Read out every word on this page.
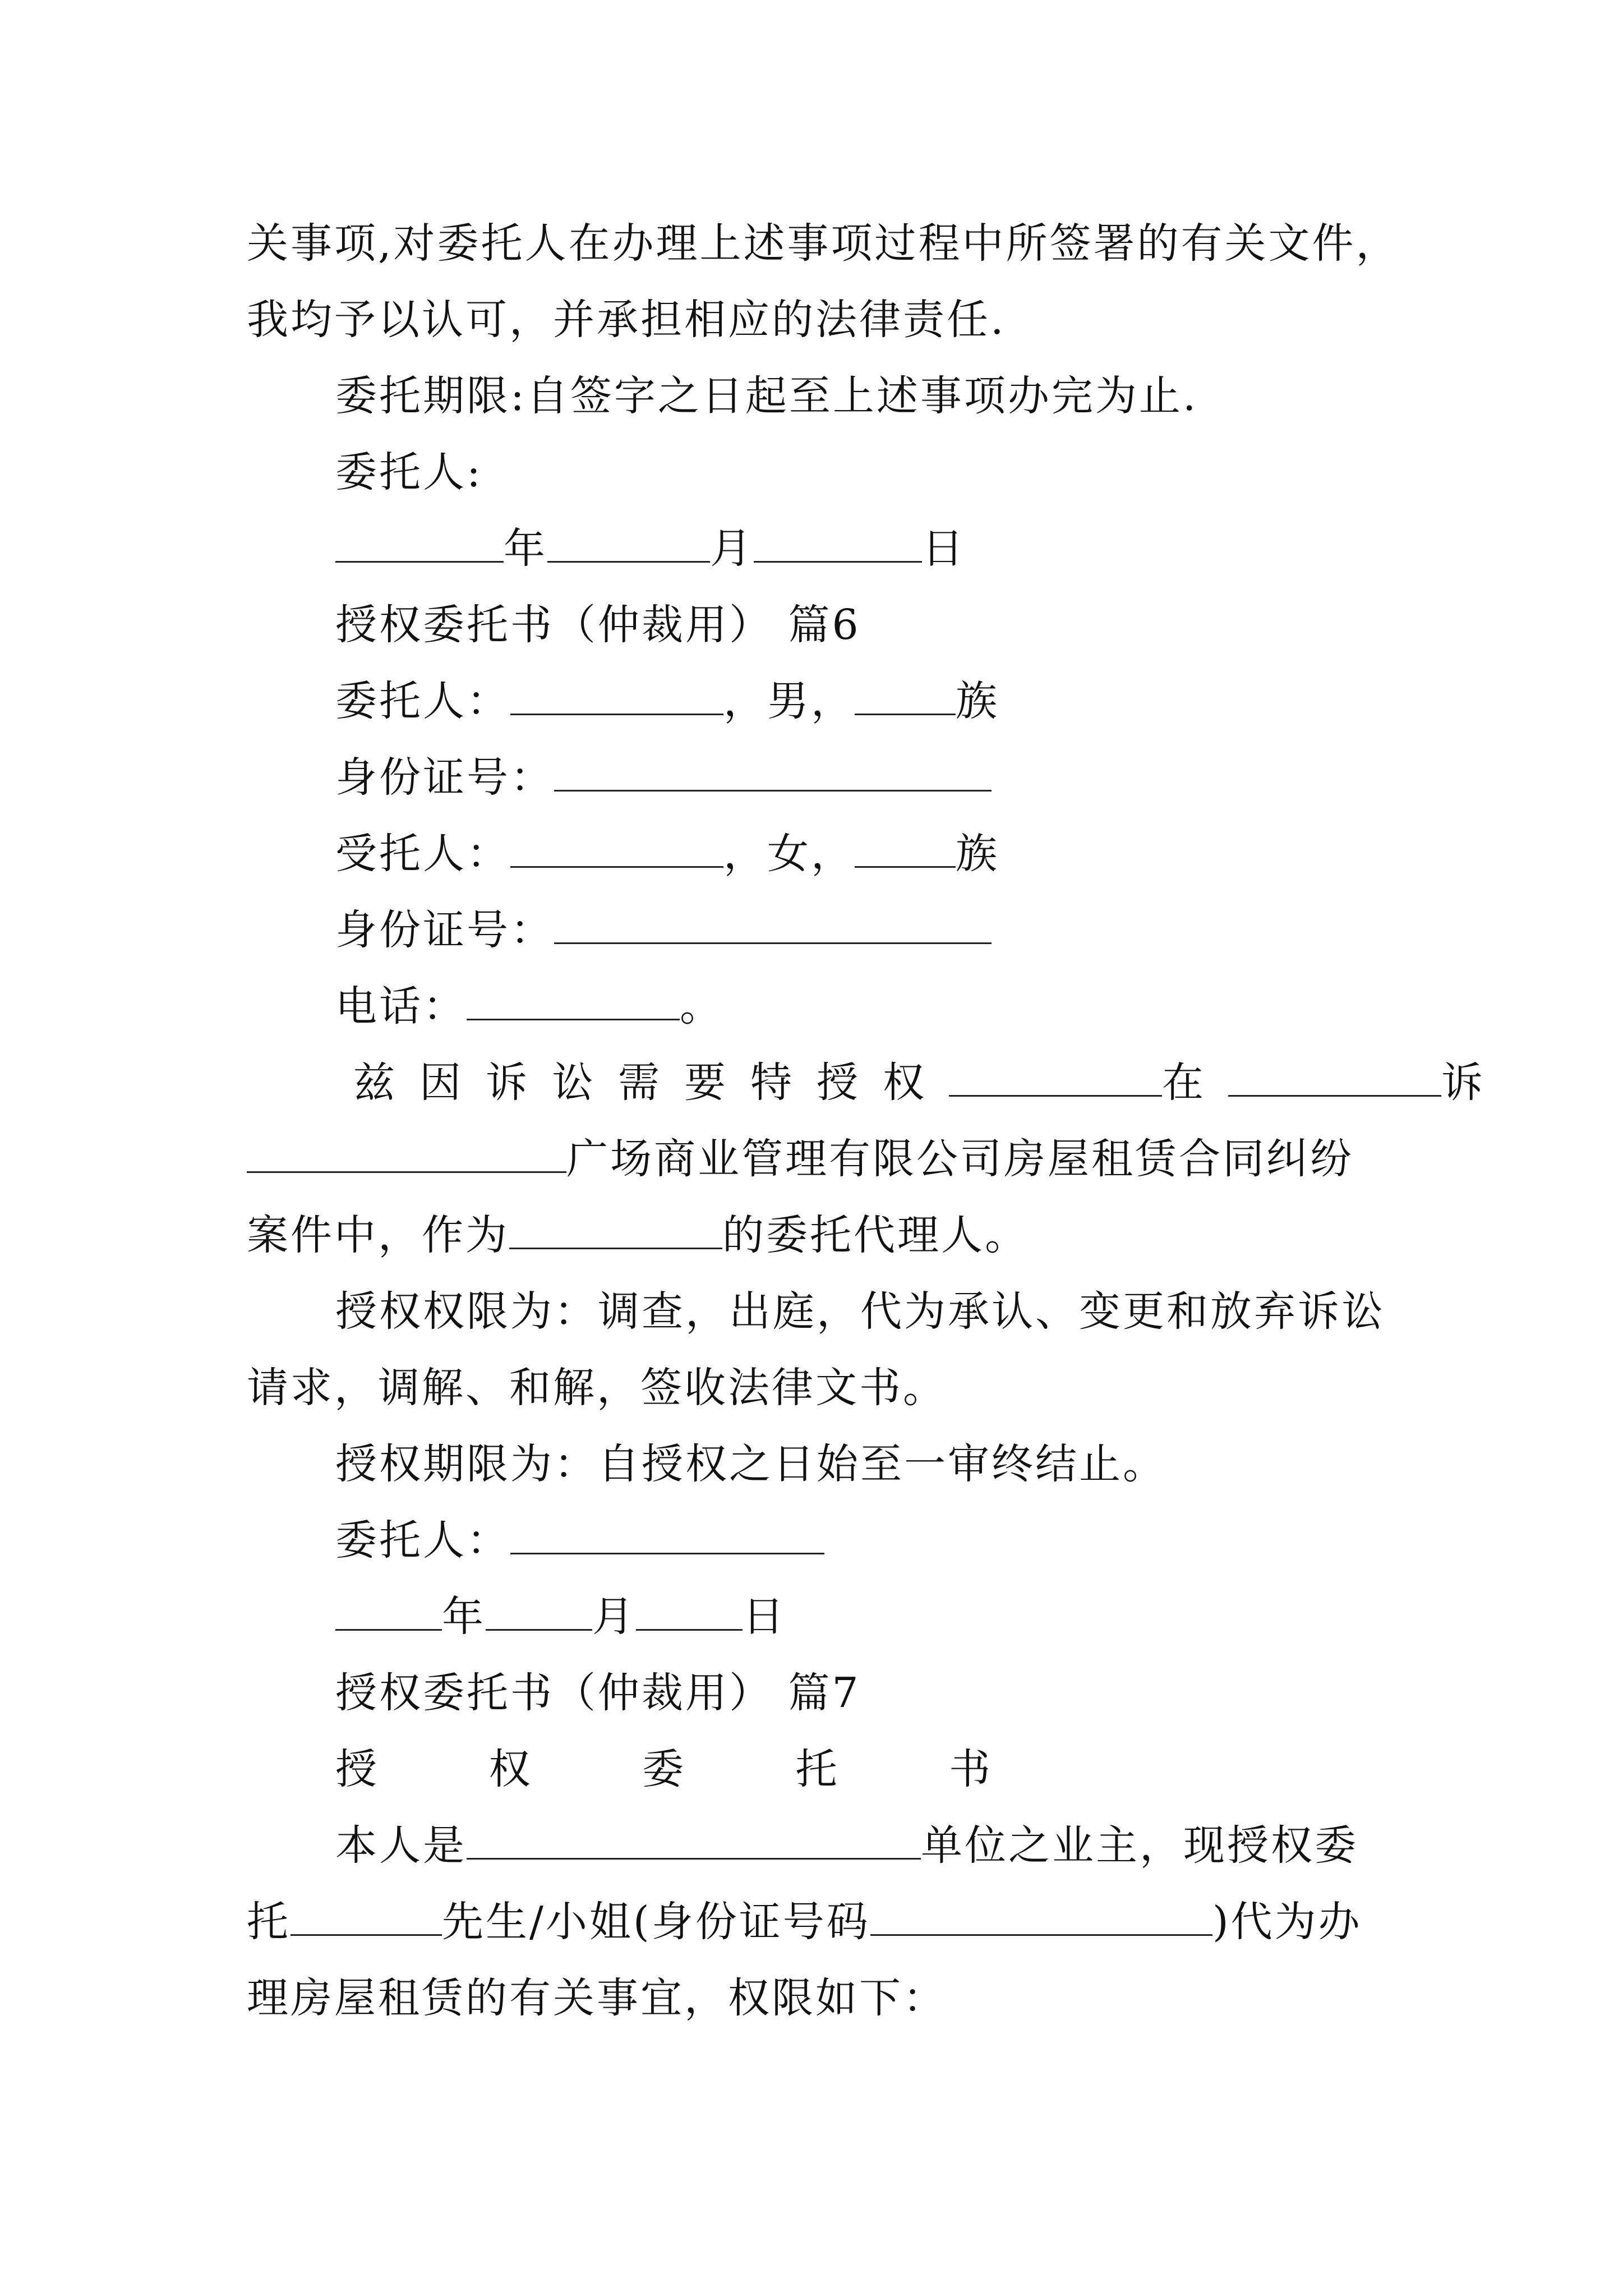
关事项,对委托人在办理上述事项过程中所签署的有关文件，
我均予以认可，并承担相应的法律责任.
委托期限:自签字之日起至上述事项办完为止.
委托人:
年	月	日
授权委托书（仲裁用） 篇6
委托人：	，男， 族
身份证号：
受托人：	，女， 族
身份证号：
电话：	。
兹因诉讼需要特授权	在	诉
广场商业管理有限公司房屋租赁合同纠纷
案件中，作为	的委托代理人。
授权权限为：调查，出庭，代为承认、变更和放弃诉讼
请求，调解、和解，签收法律文书。
授权期限为：自授权之日始至一审终结止。
委托人：
年	月	日
授权委托书（仲裁用） 篇7
授 权 委 托 书
本人是	单位之业主，现授权委
托	先生/小姐(身份证号码	)代为办
理房屋租赁的有关事宜，权限如下：
